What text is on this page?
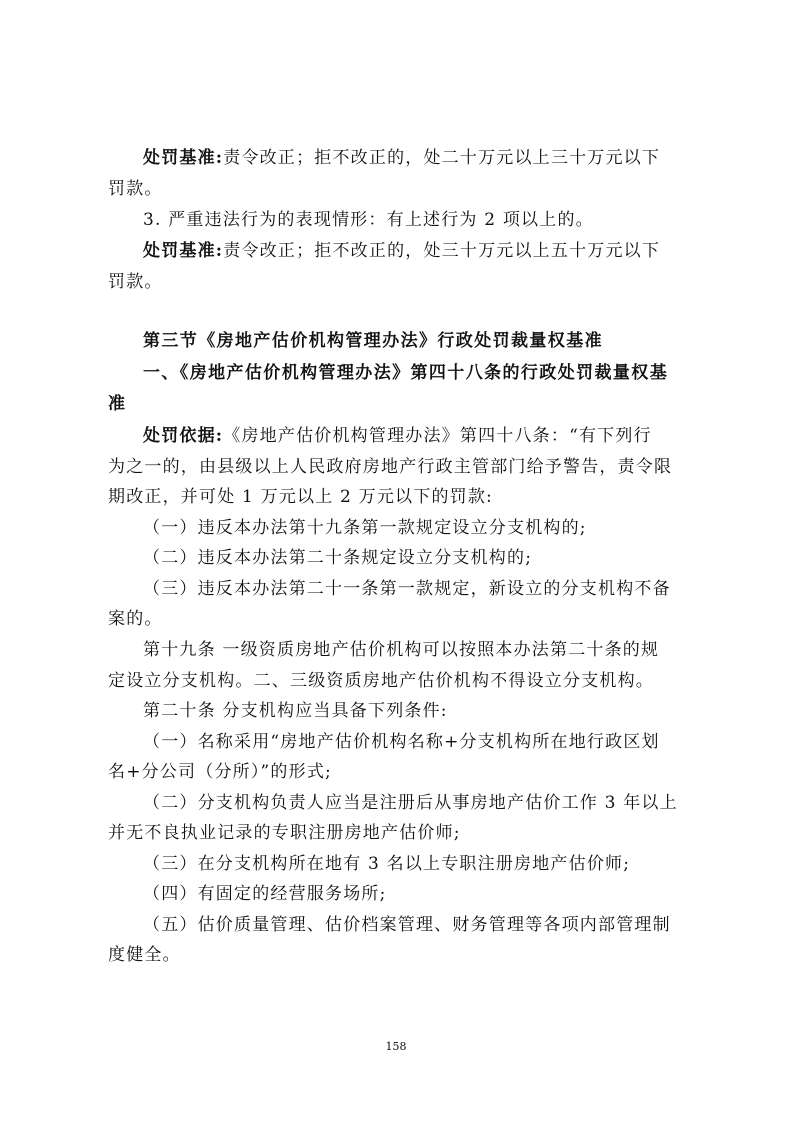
处罚基准:责令改正；拒不改正的，处二十万元以上三十万元以下
罚款。
3. 严重违法行为的表现情形：有上述行为 2 项以上的。
处罚基准:责令改正；拒不改正的，处三十万元以上五十万元以下
罚款。
第三节《房地产估价机构管理办法》行政处罚裁量权基准
一、《房地产估价机构管理办法》第四十八条的行政处罚裁量权基
准
处罚依据:《房地产估价机构管理办法》第四十八条：“有下列行
为之一的，由县级以上人民政府房地产行政主管部门给予警告，责令限
期改正，并可处 1 万元以上 2 万元以下的罚款:
（一）违反本办法第十九条第一款规定设立分支机构的;
（二）违反本办法第二十条规定设立分支机构的;
（三）违反本办法第二十一条第一款规定，新设立的分支机构不备
案的。
第十九条 一级资质房地产估价机构可以按照本办法第二十条的规
定设立分支机构。二、三级资质房地产估价机构不得设立分支机构。
第二十条 分支机构应当具备下列条件:
（一）名称采用“房地产估价机构名称+分支机构所在地行政区划
名+分公司（分所）”的形式;
（二）分支机构负责人应当是注册后从事房地产估价工作 3 年以上
并无不良执业记录的专职注册房地产估价师;
（三）在分支机构所在地有 3 名以上专职注册房地产估价师;
（四）有固定的经营服务场所;
（五）估价质量管理、估价档案管理、财务管理等各项内部管理制
度健全。
158
